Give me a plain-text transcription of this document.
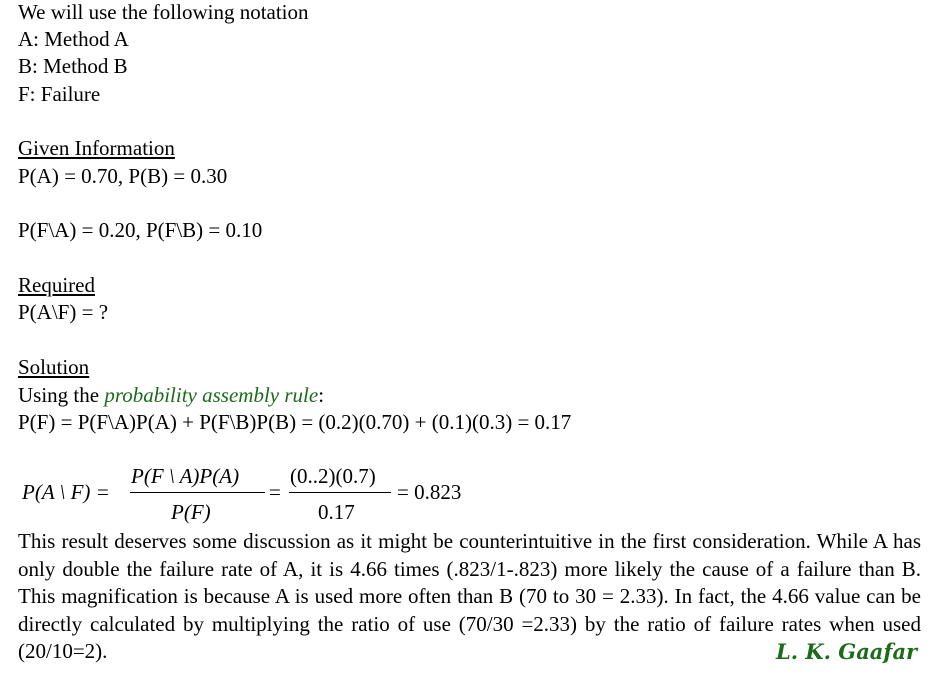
We will use the following notation
A: Method A
B: Method B
F: Failure
Given Information
P(A) = 0.70, P(B) = 0.30
P(F\A) = 0.20, P(F\B) = 0.10
Required
P(A\F) = ?
Solution
Using the probability assembly rule:
P(F) = P(F\A)P(A) + P(F\B)P(B) = (0.2)(0.70) + (0.1)(0.3) = 0.17
P(A \ F) =
P(F \ A)P(A)
P(F)
=
(0..2)(0.7)
0.17
= 0.823
This result deserves some discussion as it might be counterintuitive in the first consideration. While A has only double the failure rate of A, it is 4.66 times (.823/1-.823) more likely the cause of a failure than B. This magnification is because A is used more often than B (70 to 30 = 2.33). In fact, the 4.66 value can be directly calculated by multiplying the ratio of use (70/30 =2.33) by the ratio of failure rates when used (20/10=2).	L. K. Gaafar
